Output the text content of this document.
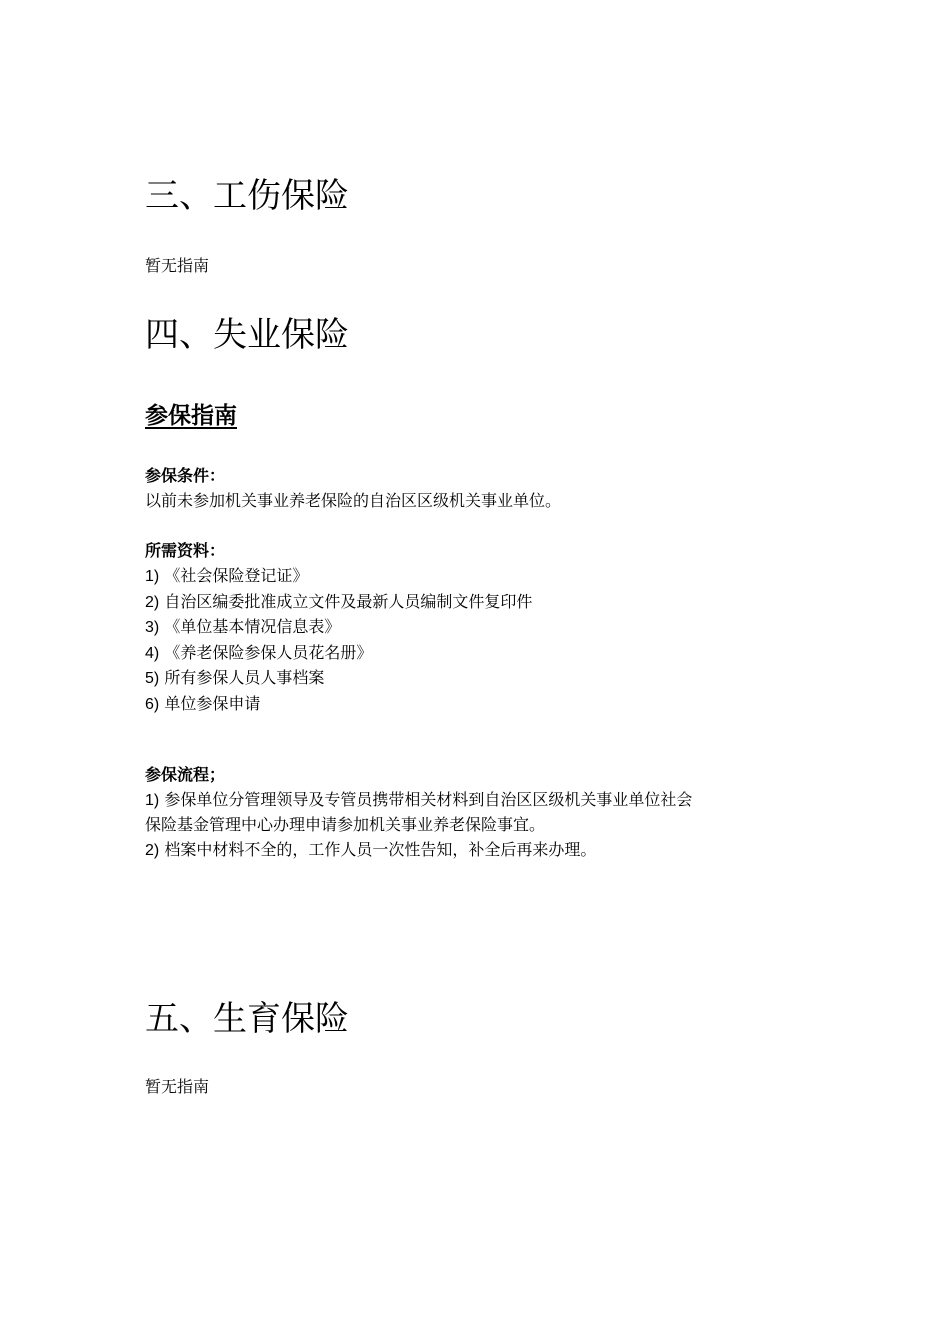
三、工伤保险
暂无指南
四、失业保险
参保指南
参保条件：
以前未参加机关事业养老保险的自治区区级机关事业单位。
所需资料：
1) 《社会保险登记证》
2) 自治区编委批准成立文件及最新人员编制文件复印件
3) 《单位基本情况信息表》
4) 《养老保险参保人员花名册》
5) 所有参保人员人事档案
6) 单位参保申请
参保流程；
1) 参保单位分管理领导及专管员携带相关材料到自治区区级机关事业单位社会
保险基金管理中心办理申请参加机关事业养老保险事宜。
2) 档案中材料不全的，工作人员一次性告知，补全后再来办理。
五、生育保险
暂无指南
